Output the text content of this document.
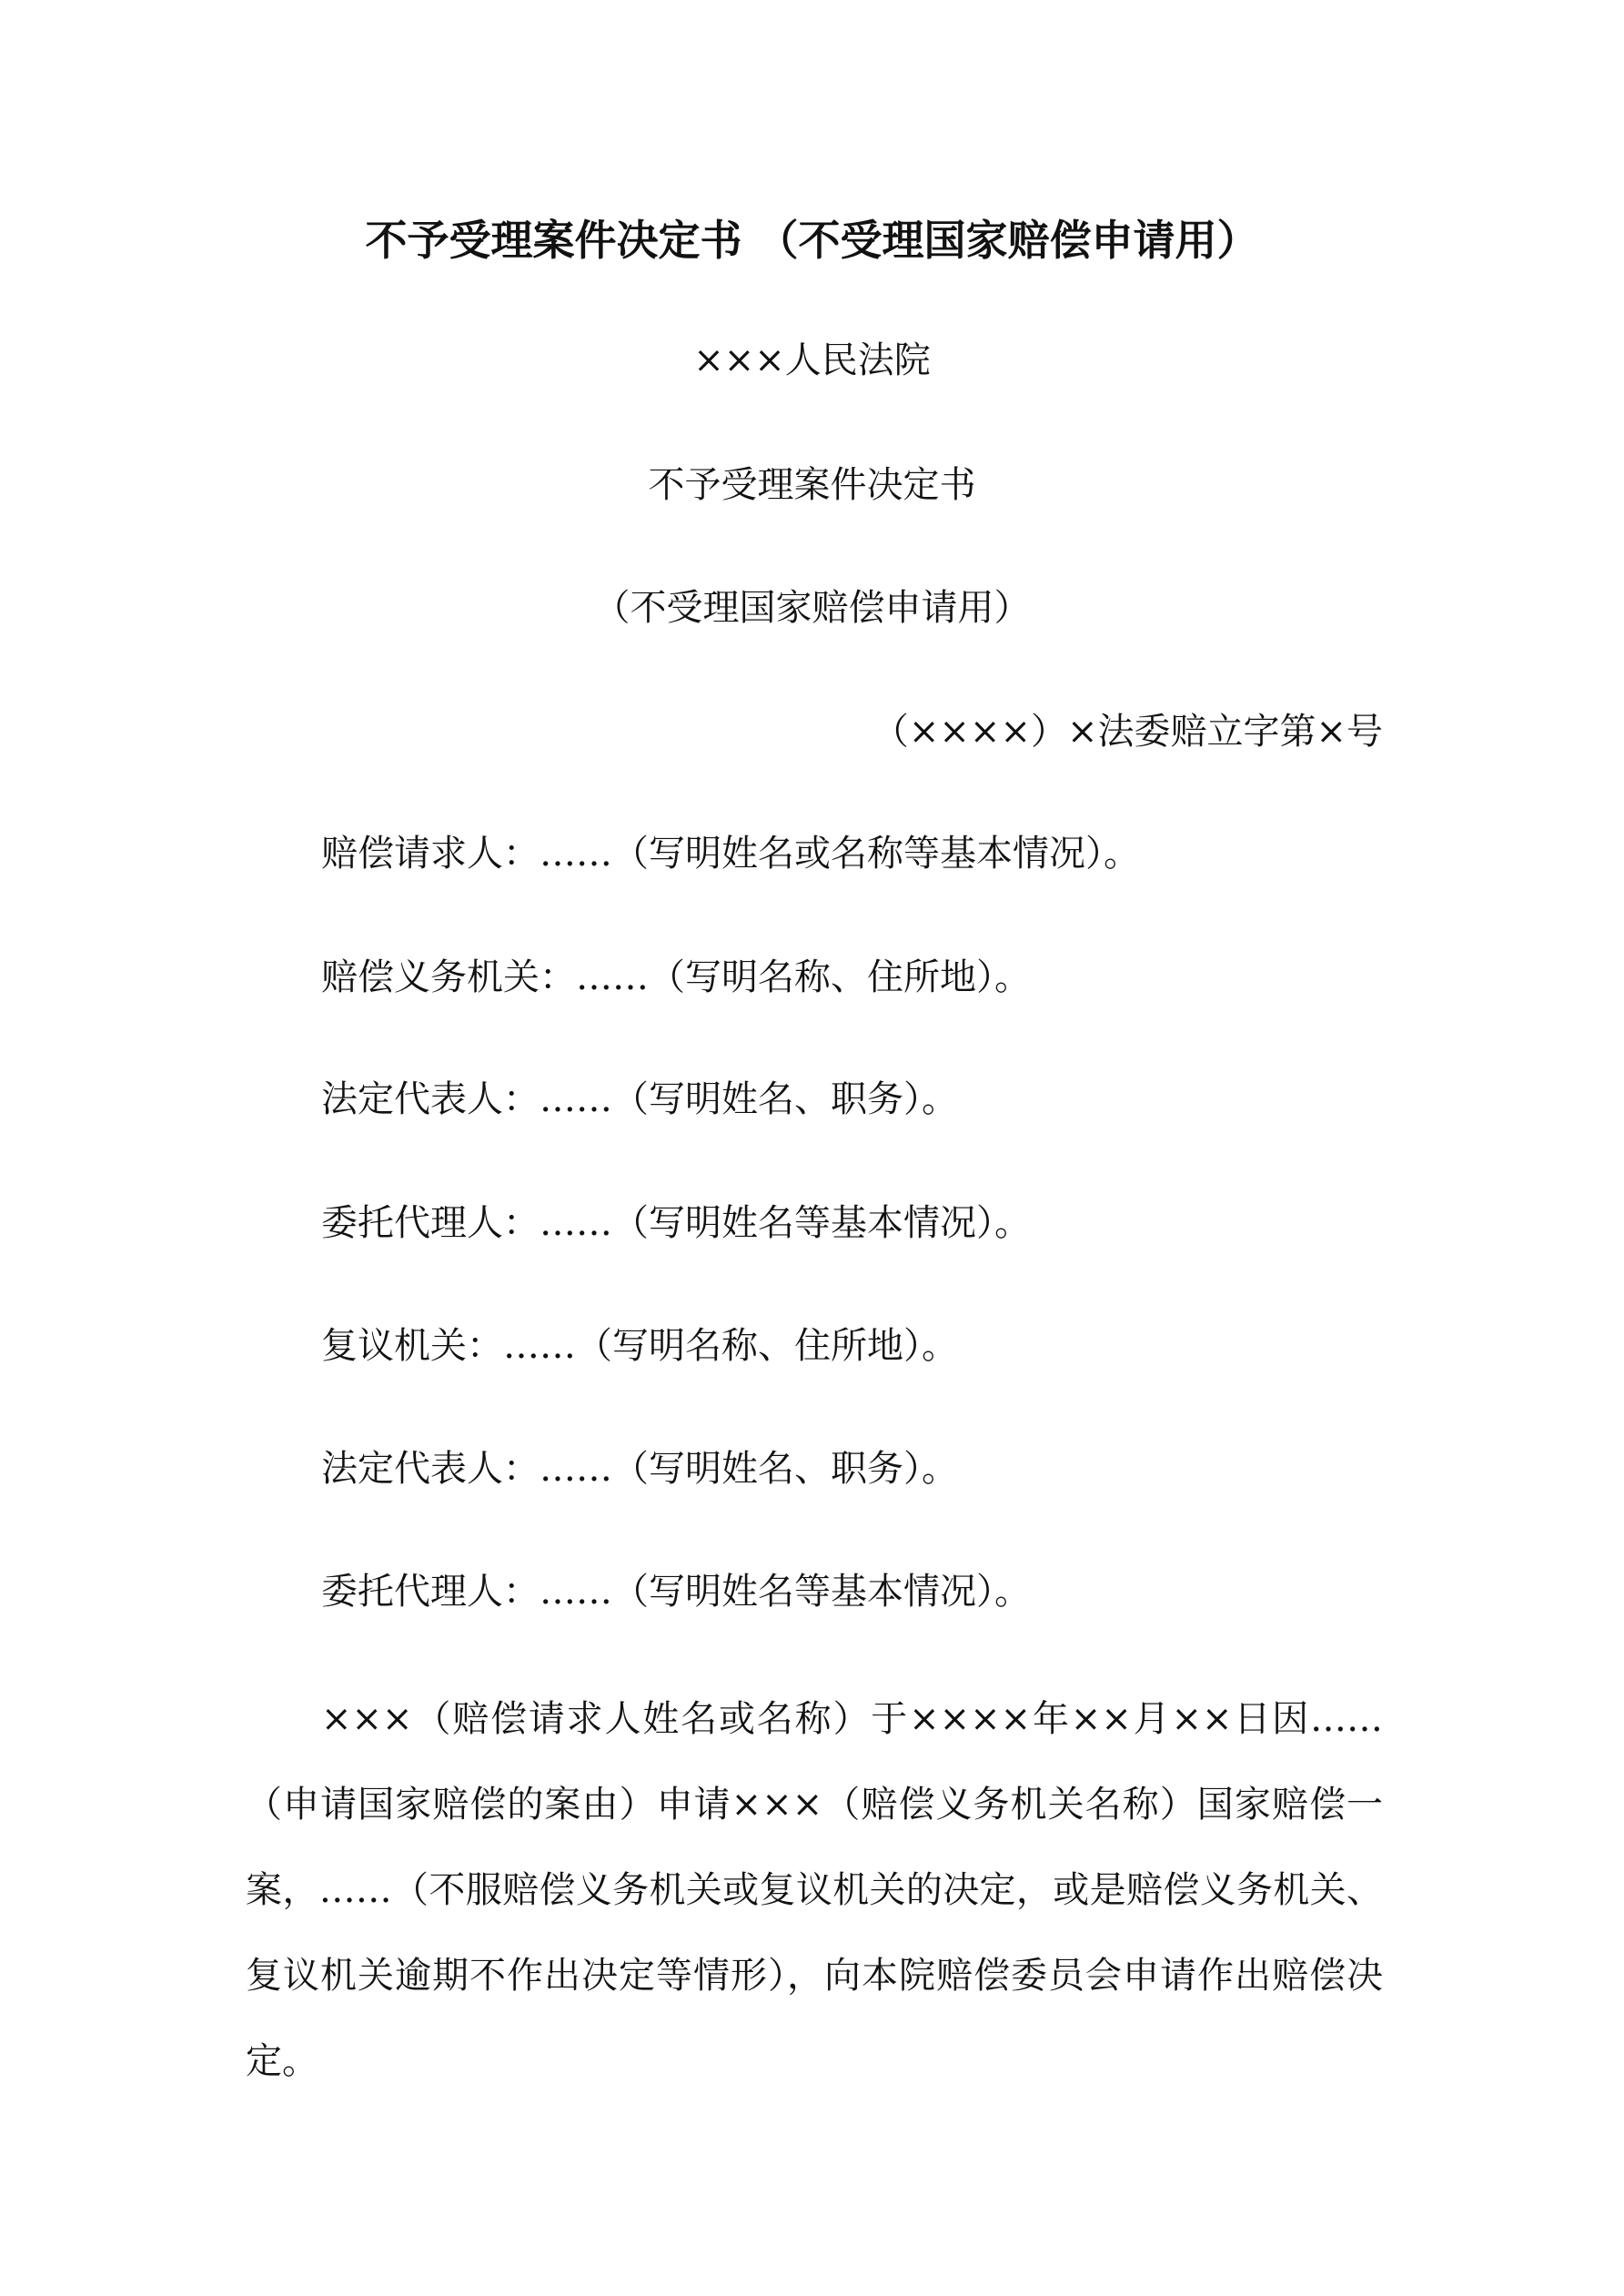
不予受理案件决定书 （不受理国家赔偿申请用）
×××人民法院
不予受理案件决定书
（不受理国家赔偿申请用）
（××××）×法委赔立字第×号
赔偿请求人：……（写明姓名或名称等基本情况）。
赔偿义务机关：……（写明名称、住所地）。
法定代表人：……（写明姓名、职务）。
委托代理人：……（写明姓名等基本情况）。
复议机关：……（写明名称、住所地）。
法定代表人：……（写明姓名、职务）。
委托代理人：……（写明姓名等基本情况）。
×××（赔偿请求人姓名或名称）于××××年××月××日因……（申请国家赔偿的案由）申请×××（赔偿义务机关名称）国家赔偿一案，……（不服赔偿义务机关或复议机关的决定，或是赔偿义务机关、复议机关逾期不作出决定等情形），向本院赔偿委员会申请作出赔偿决定。
